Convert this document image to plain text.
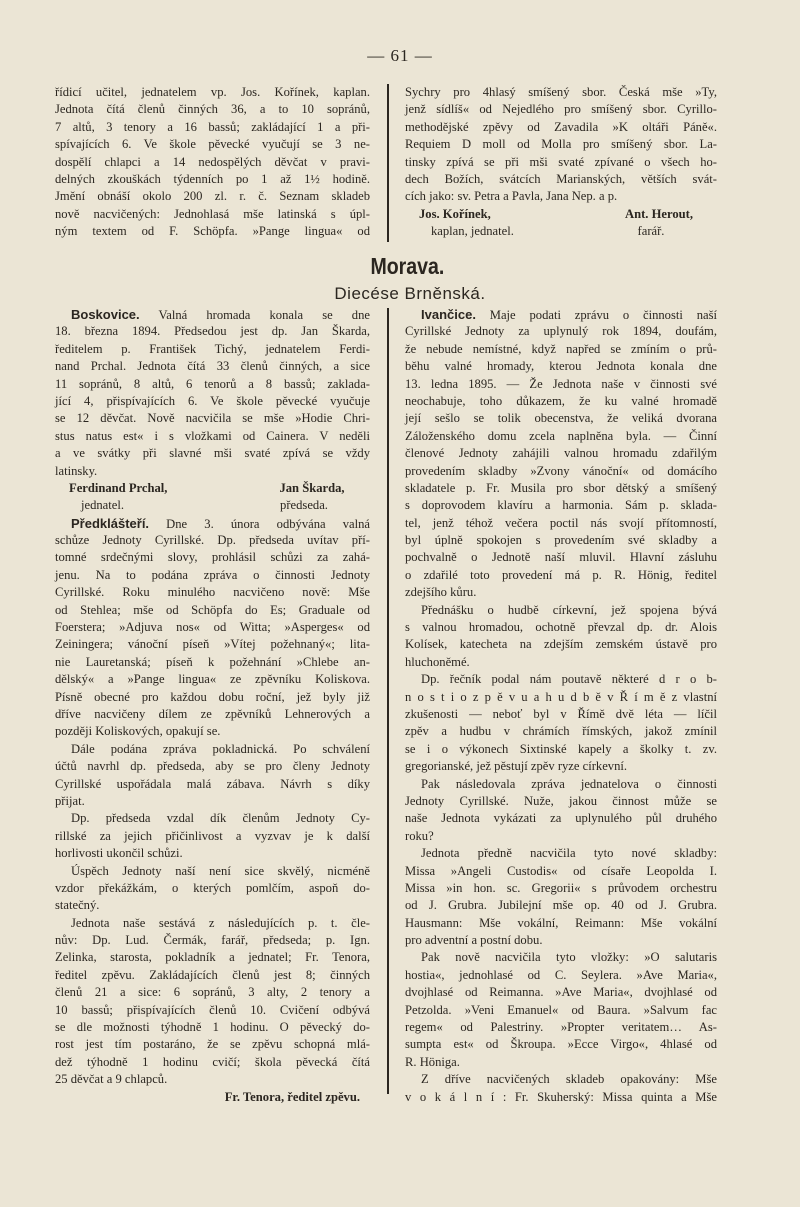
— 61 —
řídicí učitel, jednatelem vp. Jos. Kořínek, kaplan.
Jednota čítá členů činných 36, a to 10 sopránů,
7 altů, 3 tenory a 16 bassů; zakládající 1 a při-
spívajících 6. Ve škole pěvecké vyučují se 3 ne-
dospělí chlapci a 14 nedospělých děvčat v pravi-
delných zkouškách týdenních po 1 až 1½ hodině.
Jmění obnáší okolo 200 zl. r. č. Seznam skladeb
nově nacvičených: Jednohlasá mše latinská s úpl-
ným textem od F. Schöpfa. »Pange lingua« od
Sychry pro 4hlasý smíšený sbor. Česká mše »Ty,
jenž sídlíš« od Nejedlého pro smíšený sbor. Cyrillo-
methodějské zpěvy od Zavadila »K oltáři Páně«.
Requiem D moll od Molla pro smíšený sbor. La-
tinsky zpívá se při mši svaté zpívané o všech ho-
dech Božích, svátcích Marianských, větších svát-
cích jako: sv. Petra a Pavla, Jana Nep. a p.
Jos. Kořínek,	Ant. Herout,
kaplan, jednatel.	farář.
Morava.
Diecése Brněnská.
Boskovice. Valná hromada konala se dne
18. března 1894. Předsedou jest dp. Jan Škarda,
ředitelem p. František Tichý, jednatelem Ferdi-
nand Prchal. Jednota čítá 33 členů činných, a sice
11 sopránů, 8 altů, 6 tenorů a 8 bassů; zaklada-
jící 4, přispívajících 6. Ve škole pěvecké vyučuje
se 12 děvčat. Nově nacvičila se mše »Hodie Chri-
stus natus est« i s vložkami od Cainera. V neděli
a ve svátky při slavné mši svaté zpívá se vždy
latinsky.
Ferdinand Prchal,	Jan Škarda,
jednatel.	předseda.
Předklášteří. Dne 3. února odbývána valná
schůze Jednoty Cyrillské. Dp. předseda uvítav pří-
tomné srdečnými slovy, prohlásil schůzi za zahá-
jenu. Na to podána zpráva o činnosti Jednoty
Cyrillské. Roku minulého nacvičeno nově: Mše
od Stehlea; mše od Schöpfa do Es; Graduale od
Foerstera; »Adjuva nos« od Witta; »Asperges« od
Zeiningera; vánoční píseň »Vítej požehnaný«; lita-
nie Lauretanská; píseň k požehnání »Chlebe an-
dělský« a »Pange lingua« ze zpěvníku Koliskova.
Písně obecné pro každou dobu roční, jež byly již
dříve nacvičeny dílem ze zpěvníků Lehnerových a
později Koliskových, opakují se.
Dále podána zpráva pokladnická. Po schválení
účtů navrhl dp. předseda, aby se pro členy Jednoty
Cyrillské uspořádala malá zábava. Návrh s díky
přijat.
Dp. předseda vzdal dík členům Jednoty Cy-
rillské za jejich přičinlivost a vyzvav je k další
horlivosti ukončil schůzi.
Úspěch Jednoty naší není sice skvělý, nicméně
vzdor překážkám, o kterých pomlčím, aspoň do-
statečný.
Jednota naše sestává z následujících p. t. čle-
nův: Dp. Lud. Čermák, farář, předseda; p. Ign.
Zelinka, starosta, pokladník a jednatel; Fr. Tenora,
ředitel zpěvu. Zakládajících členů jest 8; činných
členů 21 a sice: 6 sopránů, 3 alty, 2 tenory a
10 bassů; přispívajících členů 10. Cvičení odbývá
se dle možnosti týhodně 1 hodinu. O pěvecký do-
rost jest tím postaráno, že se zpěvu schopná mlá-
dež týhodně 1 hodinu cvičí; škola pěvecká čítá
25 děvčat a 9 chlapců.
Fr. Tenora, ředitel zpěvu.
Ivančice. Maje podati zprávu o činnosti naší
Cyrillské Jednoty za uplynulý rok 1894, doufám,
že nebude nemístné, když napřed se zmíním o prů-
běhu valné hromady, kterou Jednota konala dne
13. ledna 1895. — Že Jednota naše v činnosti své
neochabuje, toho důkazem, že ku valné hromadě
její sešlo se tolik obecenstva, že veliká dvorana
Záloženského domu zcela naplněna byla. — Činní
členové Jednoty zahájili valnou hromadu zdařilým
provedením skladby »Zvony vánoční« od domácího
skladatele p. Fr. Musila pro sbor dětský a smíšený
s doprovodem klavíru a harmonia. Sám p. sklada-
tel, jenž téhož večera poctil nás svojí přítomností,
byl úplně spokojen s provedením své skladby a
pochvalně o Jednotě naší mluvil. Hlavní zásluhu
o zdařilé toto provedení má p. R. Hönig, ředitel
zdejšího kůru.
Přednášku o hudbě církevní, jež spojena bývá
s valnou hromadou, ochotně převzal dp. dr. Alois
Kolísek, katecheta na zdejším zemském ústavě pro
hluchoněmé.
Dp. řečník podal nám poutavě některé d r o b-
n o s t i o z p ě v u a h u d b ě v Ř í m ě z vlastní
zkušenosti — neboť byl v Římě dvě léta — líčil
zpěv a hudbu v chrámích římských, jakož zmínil
se i o výkonech Sixtinské kapely a školky t. zv.
gregorianské, jež pěstují zpěv ryze církevní.
Pak následovala zpráva jednatelova o činnosti
Jednoty Cyrillské. Nuže, jakou činnost může se
naše Jednota vykázati za uplynulého půl druhého
roku?
Jednota předně nacvičila tyto nové skladby:
Missa »Angeli Custodis« od císaře Leopolda I.
Missa »in hon. sc. Gregorii« s průvodem orchestru
od J. Grubra. Jubilejní mše op. 40 od J. Grubra.
Hausmann: Mše vokální, Reimann: Mše vokální
pro adventní a postní dobu.
Pak nově nacvičila tyto vložky: »O salutaris
hostia«, jednohlasé od C. Seylera. »Ave Maria«,
dvojhlasé od Reimanna. »Ave Maria«, dvojhlasé od
Petzolda. »Veni Emanuel« od Baura. »Salvum fac
regem« od Palestriny. »Propter veritatem… As-
sumpta est« od Škroupa. »Ecce Virgo«, 4hlasé od
R. Höniga.
Z dříve nacvičených skladeb opakovány: Mše
v o k á l n í : Fr. Skuherský: Missa quinta a Mše
